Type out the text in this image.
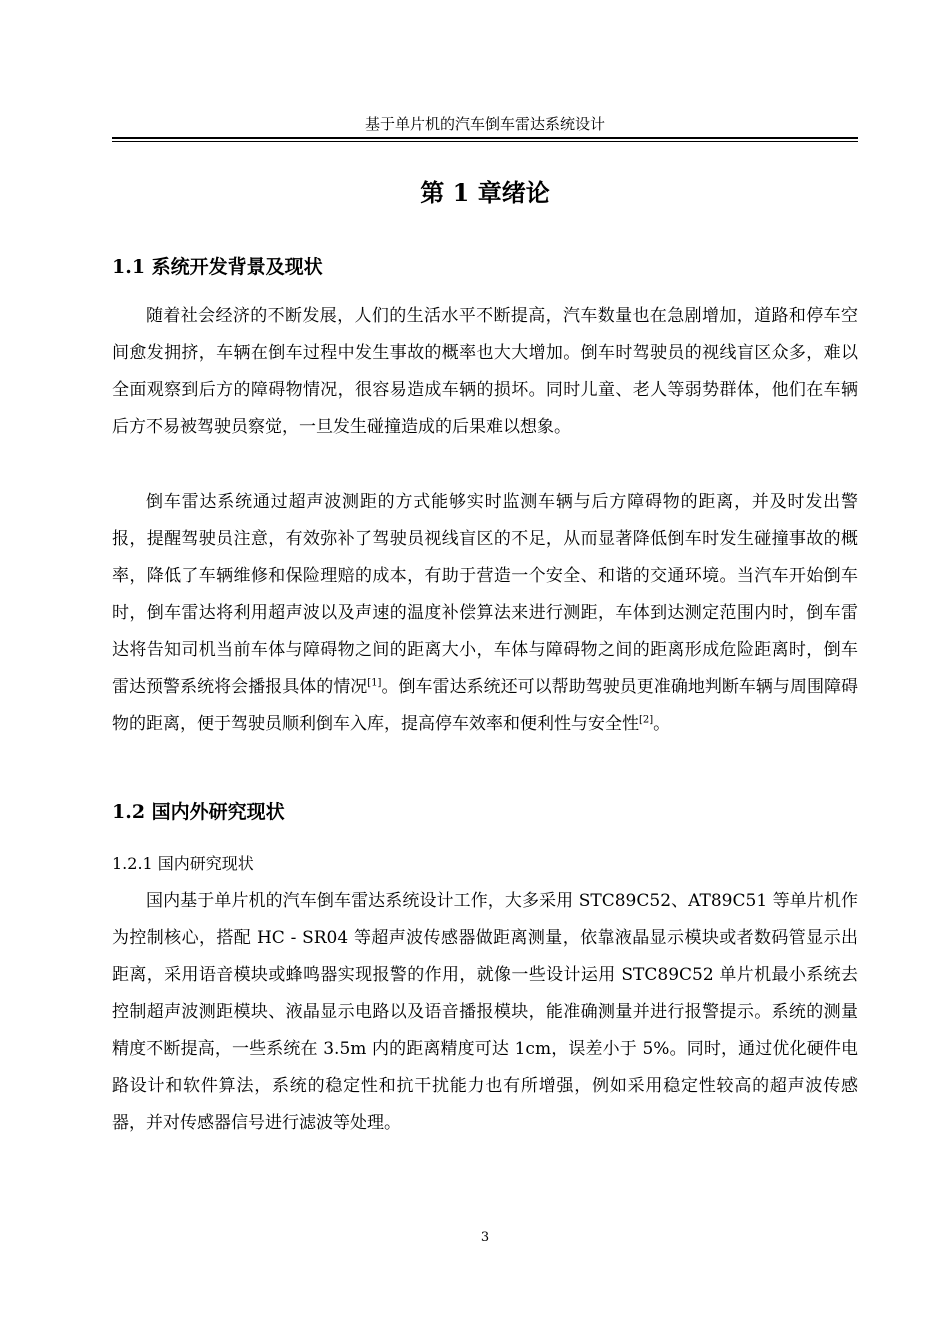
基于单片机的汽车倒车雷达系统设计
第 1 章绪论
1.1 系统开发背景及现状

随着社会经济的不断发展，人们的生活水平不断提高，汽车数量也在急剧增加，道路和停车空间愈发拥挤，车辆在倒车过程中发生事故的概率也大大增加。倒车时驾驶员的视线盲区众多，难以全面观察到后方的障碍物情况，很容易造成车辆的损坏。同时儿童、老人等弱势群体，他们在车辆后方不易被驾驶员察觉，一旦发生碰撞造成的后果难以想象。

倒车雷达系统通过超声波测距的方式能够实时监测车辆与后方障碍物的距离，并及时发出警报，提醒驾驶员注意，有效弥补了驾驶员视线盲区的不足，从而显著降低倒车时发生碰撞事故的概率，降低了车辆维修和保险理赔的成本，有助于营造一个安全、和谐的交通环境。当汽车开始倒车时，倒车雷达将利用超声波以及声速的温度补偿算法来进行测距，车体到达测定范围内时，倒车雷达将告知司机当前车体与障碍物之间的距离大小，车体与障碍物之间的距离形成危险距离时，倒车雷达预警系统将会播报具体的情况[1]。倒车雷达系统还可以帮助驾驶员更准确地判断车辆与周围障碍物的距离，便于驾驶员顺利倒车入库，提高停车效率和便利性与安全性[2]。

1.2 国内外研究现状
1.2.1 国内研究现状

国内基于单片机的汽车倒车雷达系统设计工作，大多采用 STC89C52、AT89C51 等单片机作为控制核心，搭配 HC - SR04 等超声波传感器做距离测量，依靠液晶显示模块或者数码管显示出距离，采用语音模块或蜂鸣器实现报警的作用，就像一些设计运用 STC89C52 单片机最小系统去控制超声波测距模块、液晶显示电路以及语音播报模块，能准确测量并进行报警提示。系统的测量精度不断提高，一些系统在 3.5m 内的距离精度可达 1cm，误差小于 5%。同时，通过优化硬件电路设计和软件算法，系统的稳定性和抗干扰能力也有所增强，例如采用稳定性较高的超声波传感器，并对传感器信号进行滤波等处理。

3
